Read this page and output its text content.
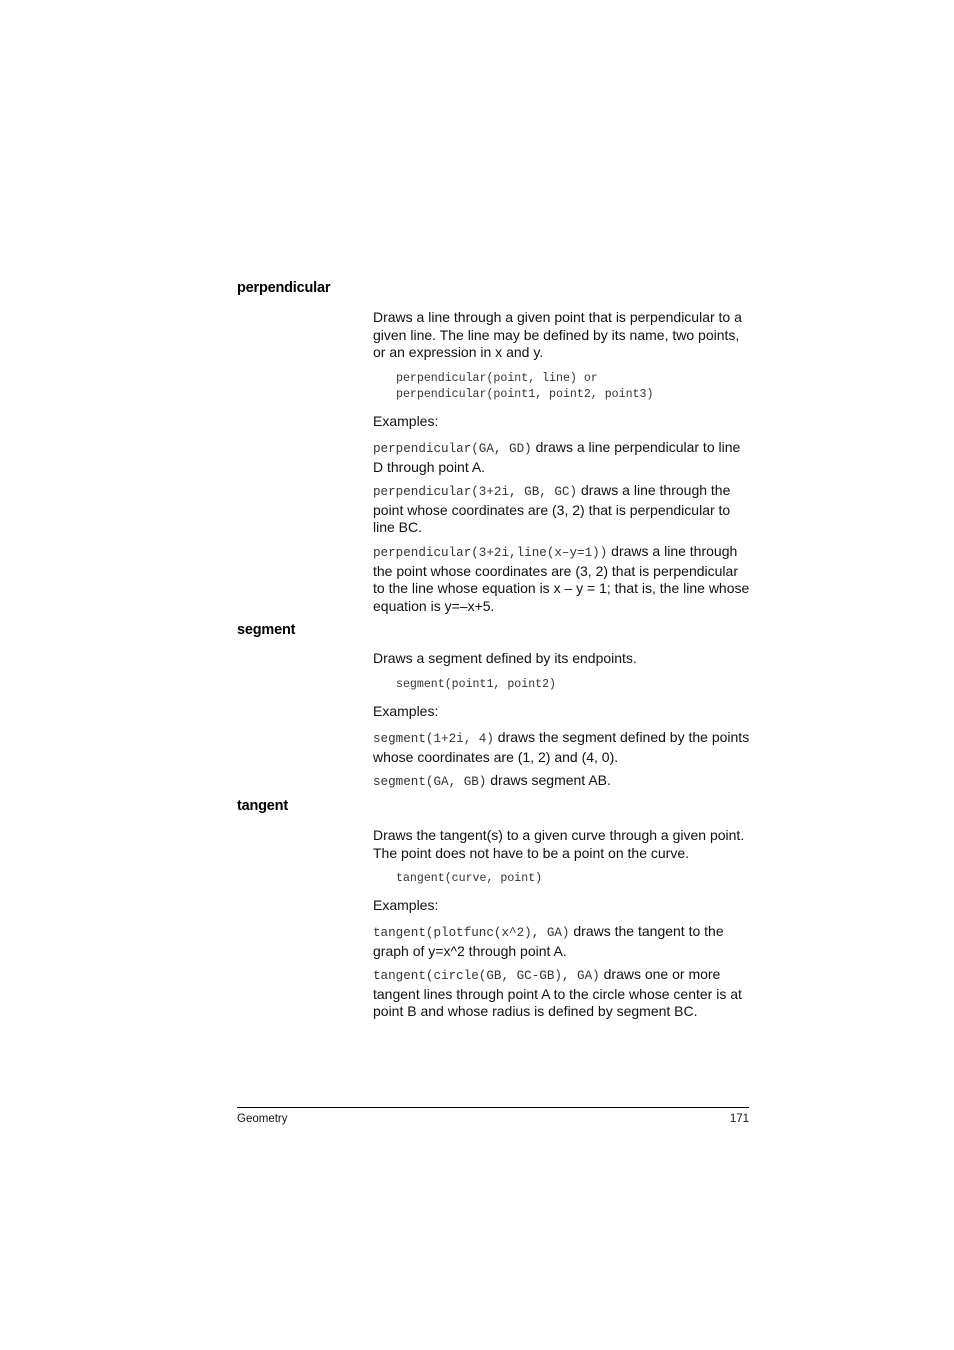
perpendicular

Draws a line through a given point that is perpendicular to a given line. The line may be defined by its name, two points, or an expression in x and y.

perpendicular(point, line) or
perpendicular(point1, point2, point3)

Examples:

perpendicular(GA, GD) draws a line perpendicular to line D through point A.

perpendicular(3+2i, GB, GC) draws a line through the point whose coordinates are (3, 2) that is perpendicular to line BC.

perpendicular(3+2i,line(x–y=1)) draws a line through the point whose coordinates are (3, 2) that is perpendicular to the line whose equation is x – y = 1; that is, the line whose equation is y=–x+5.

segment

Draws a segment defined by its endpoints.

segment(point1, point2)

Examples:

segment(1+2i, 4) draws the segment defined by the points whose coordinates are (1, 2) and (4, 0).

segment(GA, GB) draws segment AB.

tangent

Draws the tangent(s) to a given curve through a given point. The point does not have to be a point on the curve.

tangent(curve, point)

Examples:

tangent(plotfunc(x^2), GA) draws the tangent to the graph of y=x^2 through point A.

tangent(circle(GB, GC-GB), GA) draws one or more tangent lines through point A to the circle whose center is at point B and whose radius is defined by segment BC.

Geometry	171
